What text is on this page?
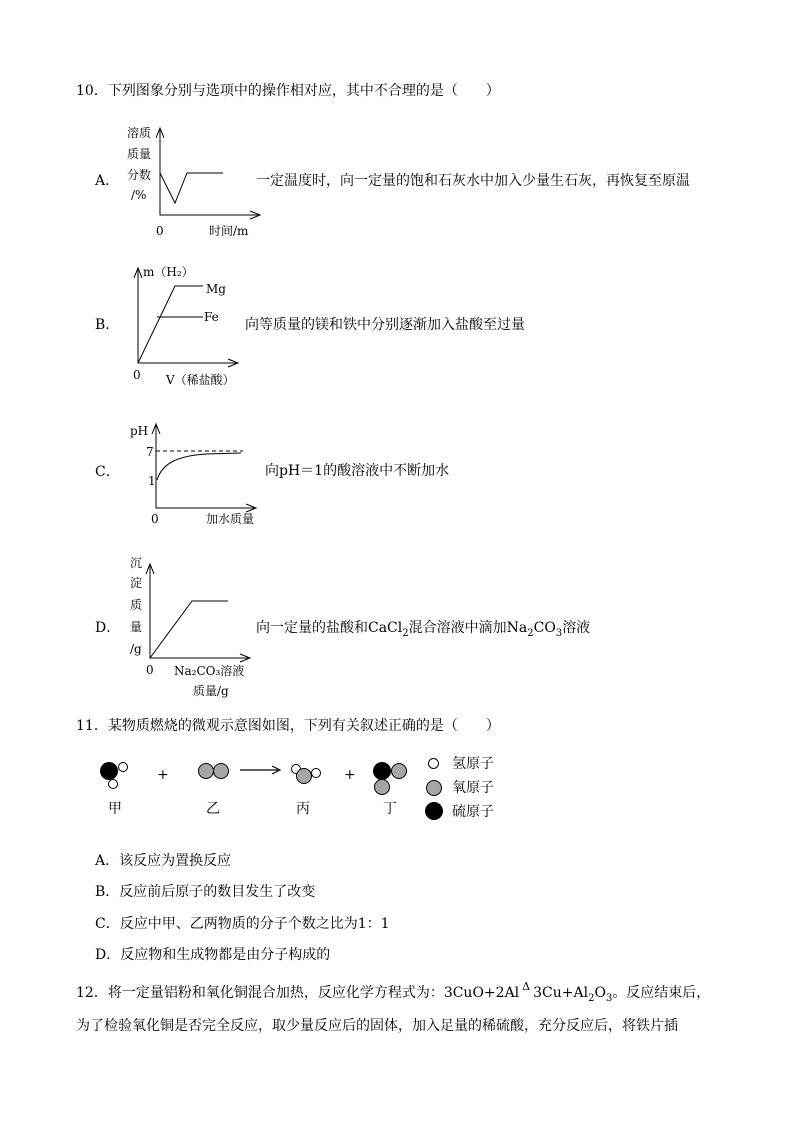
10．下列图象分别与选项中的操作相对应，其中不合理的是（　　）
A．
溶质
质量
分数
/%
0	时间/m
一定温度时，向一定量的饱和石灰水中加入少量生石灰，再恢复至原温
B．
m（H₂）
Mg
Fe
0 V（稀盐酸）
向等质量的镁和铁中分别逐渐加入盐酸至过量
C．
pH
7
1
0	加水质量
向pH＝1的酸溶液中不断加水
D．
沉
淀
质
量
/g
0 Na₂CO₃溶液
质量/g
向一定量的盐酸和CaCl$_2$混合溶液中滴加$Na_2CO_3$溶液
11．某物质燃烧的微观示意图如图，下列有关叙述正确的是（　　）
+	+
甲	乙	丙	丁
氢原子
氧原子
硫原子
A．该反应为置换反应
B．反应前后原子的数目发生了改变
C．反应中甲、乙两物质的分子个数之比为1：1
D．反应物和生成物都是由分子构成的
12．将一定量铝粉和氧化铜混合加热，反应化学方程式为：3CuO+2Al $^\Delta$ $3Cu+Al_2O_3$。反应结束后，
为了检验氧化铜是否完全反应，取少量反应后的固体，加入足量的稀硫酸，充分反应后，将铁片插
